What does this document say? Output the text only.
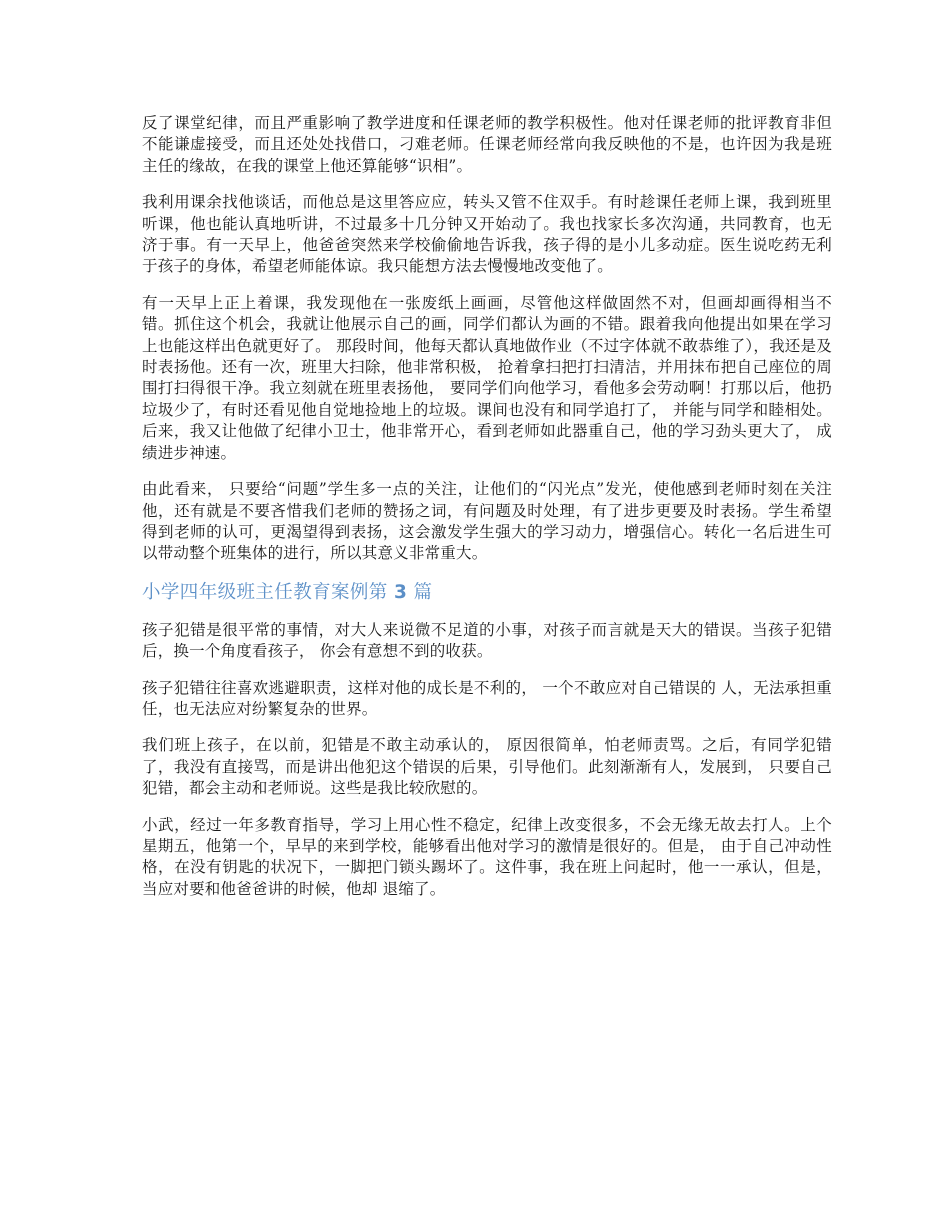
反了课堂纪律，而且严重影响了教学进度和任课老师的教学积极性。他对任课老师的批评教育非但不能谦虚接受，而且还处处找借口，刁难老师。任课老师经常向我反映他的不是，也许因为我是班主任的缘故，在我的课堂上他还算能够“识相”。

我利用课余找他谈话，而他总是这里答应应，转头又管不住双手。有时趁课任老师上课，我到班里听课，他也能认真地听讲，不过最多十几分钟又开始动了。我也找家长多次沟通，共同教育，也无济于事。有一天早上，他爸爸突然来学校偷偷地告诉我，孩子得的是小儿多动症。医生说吃药无利于孩子的身体，希望老师能体谅。我只能想方法去慢慢地改变他了。

有一天早上正上着课，我发现他在一张废纸上画画，尽管他这样做固然不对，但画却画得相当不错。抓住这个机会，我就让他展示自己的画，同学们都认为画的不错。跟着我向他提出如果在学习上也能这样出色就更好了。 那段时间，他每天都认真地做作业（不过字体就不敢恭维了），我还是及时表扬他。还有一次，班里大扫除，他非常积极， 抢着拿扫把打扫清洁，并用抹布把自己座位的周围打扫得很干净。我立刻就在班里表扬他， 要同学们向他学习，看他多会劳动啊！打那以后，他扔垃圾少了，有时还看见他自觉地捡地上的垃圾。课间也没有和同学追打了， 并能与同学和睦相处。 后来，我又让他做了纪律小卫士，他非常开心，看到老师如此器重自己，他的学习劲头更大了， 成绩进步神速。

由此看来， 只要给“问题”学生多一点的关注，让他们的“闪光点”发光，使他感到老师时刻在关注他，还有就是不要吝惜我们老师的赞扬之词，有问题及时处理，有了进步更要及时表扬。学生希望得到老师的认可，更渴望得到表扬，这会激发学生强大的学习动力，增强信心。转化一名后进生可以带动整个班集体的进行，所以其意义非常重大。

小学四年级班主任教育案例第 3 篇

孩子犯错是很平常的事情，对大人来说微不足道的小事，对孩子而言就是天大的错误。当孩子犯错后，换一个角度看孩子， 你会有意想不到的收获。

孩子犯错往往喜欢逃避职责，这样对他的成长是不利的， 一个不敢应对自己错误的 人，无法承担重任，也无法应对纷繁复杂的世界。

我们班上孩子，在以前，犯错是不敢主动承认的， 原因很简单，怕老师责骂。之后，有同学犯错了，我没有直接骂，而是讲出他犯这个错误的后果，引导他们。此刻渐渐有人，发展到， 只要自己犯错，都会主动和老师说。这些是我比较欣慰的。

小武，经过一年多教育指导，学习上用心性不稳定，纪律上改变很多，不会无缘无故去打人。上个星期五，他第一个，早早的来到学校，能够看出他对学习的激情是很好的。但是， 由于自己冲动性格，在没有钥匙的状况下，一脚把门锁头踢坏了。这件事，我在班上问起时，他一一承认，但是， 当应对要和他爸爸讲的时候，他却 退缩了。
